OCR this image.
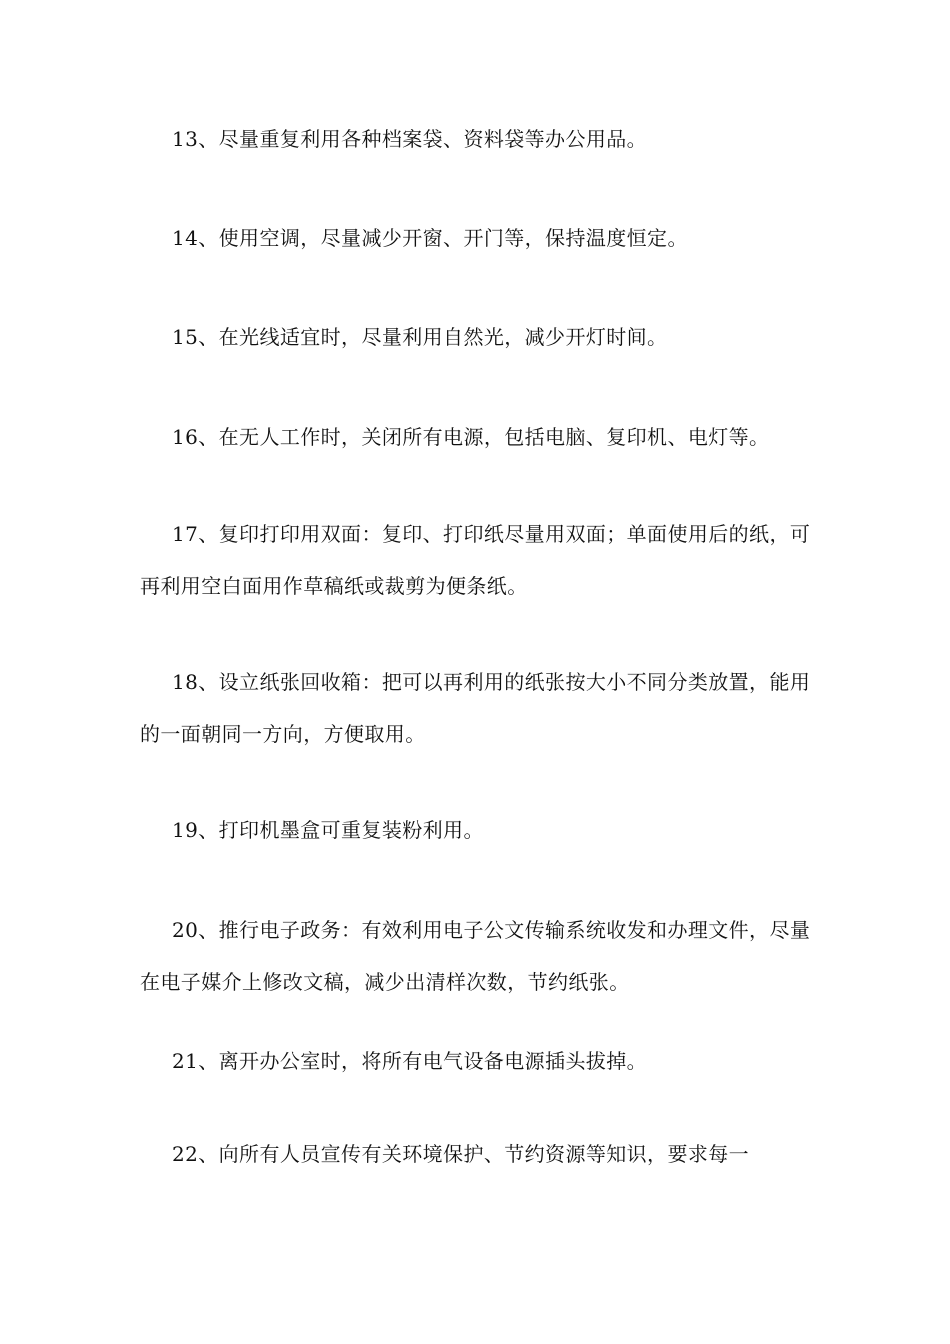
13、尽量重复利用各种档案袋、资料袋等办公用品。

14、使用空调，尽量减少开窗、开门等，保持温度恒定。

15、在光线适宜时，尽量利用自然光，减少开灯时间。

16、在无人工作时，关闭所有电源，包括电脑、复印机、电灯等。

17、复印打印用双面：复印、打印纸尽量用双面；单面使用后的纸，可再利用空白面用作草稿纸或裁剪为便条纸。

18、设立纸张回收箱：把可以再利用的纸张按大小不同分类放置，能用的一面朝同一方向，方便取用。

19、打印机墨盒可重复装粉利用。

20、推行电子政务：有效利用电子公文传输系统收发和办理文件，尽量在电子媒介上修改文稿，减少出清样次数，节约纸张。

21、离开办公室时，将所有电气设备电源插头拔掉。

22、向所有人员宣传有关环境保护、节约资源等知识，要求每一
